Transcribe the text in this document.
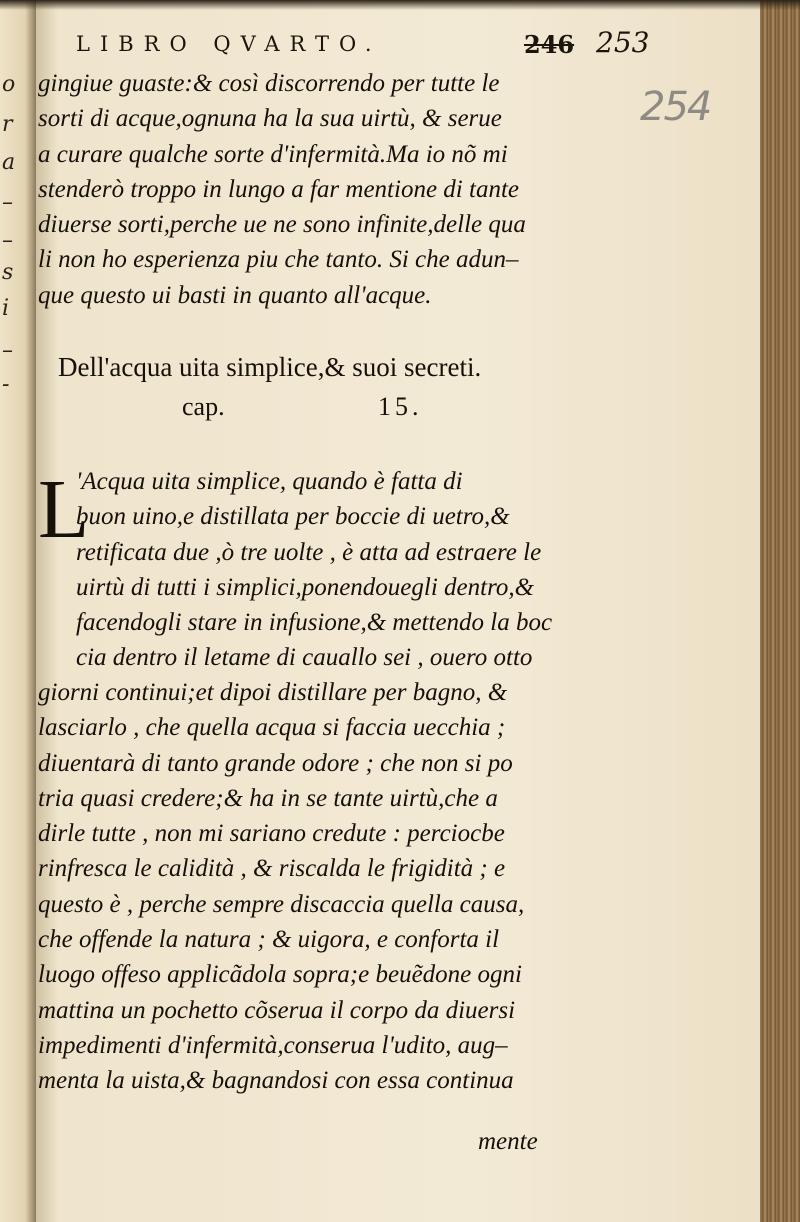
o
r
a
–
–
s
i
–
-
LIBRO QVARTO.	246 253
254
gingiue guaste:& così discorrendo per tutte le
sorti di acque,ognuna ha la sua uirtù, & serue
a curare qualche sorte d'infermità.Ma io nõ mi
stenderò troppo in lungo a far mentione di tante
diuerse sorti,perche ue ne sono infinite,delle qua
li non ho esperienza piu che tanto. Si che adun–
que questo ui basti in quanto all'acque.
Dell'acqua uita simplice,& suoi secreti.
cap.	15.
L
'Acqua uita simplice, quando è fatta di
buon uino,e distillata per boccie di uetro,&
retificata due ,ò tre uolte , è atta ad estraere le
uirtù di tutti i simplici,ponendouegli dentro,&
facendogli stare in infusione,& mettendo la boc
cia dentro il letame di cauallo sei , ouero otto
giorni continui;et dipoi distillare per bagno, &
lasciarlo , che quella acqua si faccia uecchia ;
diuentarà di tanto grande odore ; che non si po
tria quasi credere;& ha in se tante uirtù,che a
dirle tutte , non mi sariano credute : perciocbe
rinfresca le calidità , & riscalda le frigidità ; e
questo è , perche sempre discaccia quella causa,
che offende la natura ; & uigora, e conforta il
luogo offeso applicãdola sopra;e beuẽdone ogni
mattina un pochetto cõserua il corpo da diuersi
impedimenti d'infermità,conserua l'udito, aug–
menta la uista,& bagnandosi con essa continua
mente
